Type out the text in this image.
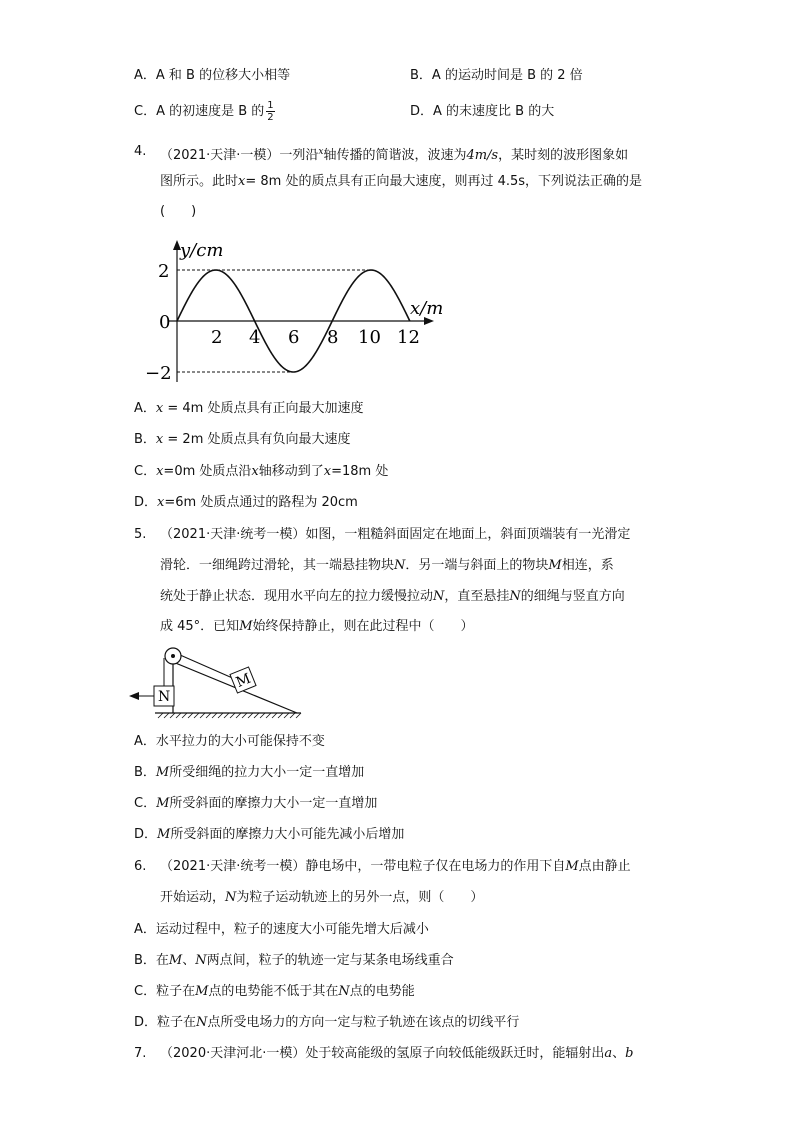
A．A 和 B 的位移大小相等	B．A 的运动时间是 B 的 2 倍
C．A 的初速度是 B 的 $\frac{1}{2}$	D．A 的末速度比 B 的大
4. （2021·天津·一模）一列沿$^x$轴传播的简谐波，波速为4m/s，某时刻的波形图象如
图所示。此时x= 8m 处的质点具有正向最大速度，则再过 4.5s，下列说法正确的是
(　　)
y/cm
x/m
0
2
−2
2 4 6 8 10 12
N
M
A．x = 4m 处质点具有正向最大加速度
B．x = 2m 处质点具有负向最大速度
C．x=0m 处质点沿x轴移动到了x=18m 处
D．x=6m 处质点通过的路程为 20cm
5. （2021·天津·统考一模）如图，一粗糙斜面固定在地面上，斜面顶端装有一光滑定
滑轮．一细绳跨过滑轮，其一端悬挂物块N．另一端与斜面上的物块M相连，系
统处于静止状态．现用水平向左的拉力缓慢拉动N，直至悬挂N的细绳与竖直方向
成 45°．已知M始终保持静止，则在此过程中（　　）
A．水平拉力的大小可能保持不变
B．M所受细绳的拉力大小一定一直增加
C．M所受斜面的摩擦力大小一定一直增加
D．M所受斜面的摩擦力大小可能先减小后增加
6. （2021·天津·统考一模）静电场中，一带电粒子仅在电场力的作用下自M点由静止
开始运动，N为粒子运动轨迹上的另外一点，则（　　）
A．运动过程中，粒子的速度大小可能先增大后减小
B．在M、N两点间，粒子的轨迹一定与某条电场线重合
C．粒子在M点的电势能不低于其在N点的电势能
D．粒子在N点所受电场力的方向一定与粒子轨迹在该点的切线平行
7. （2020·天津河北·一模）处于较高能级的氢原子向较低能级跃迁时，能辐射出a、b
